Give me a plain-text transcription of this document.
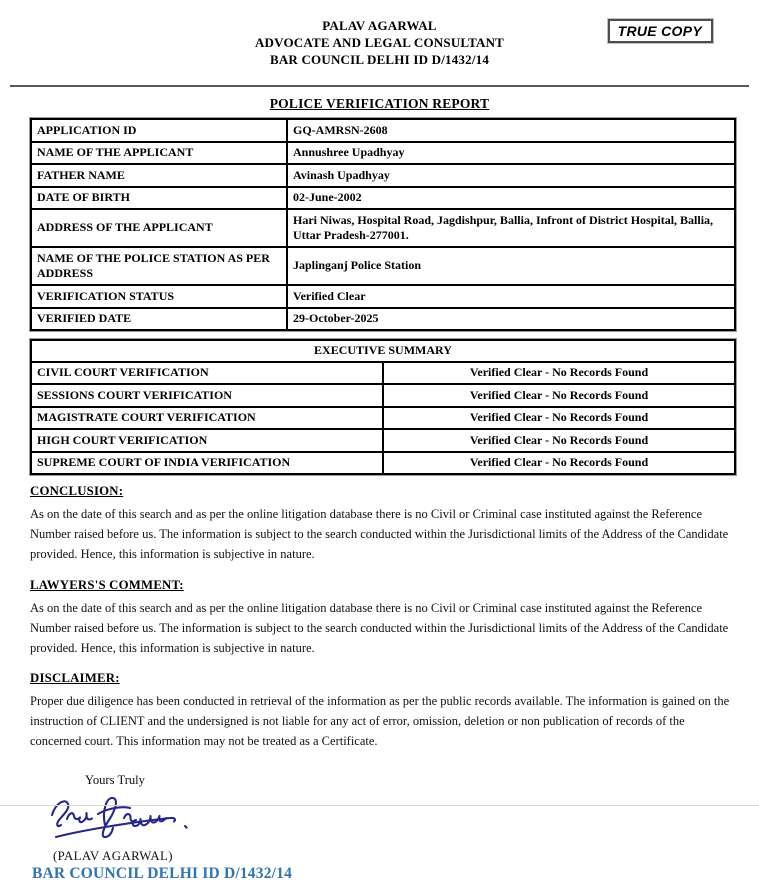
PALAV AGARWAL
ADVOCATE AND LEGAL CONSULTANT
BAR COUNCIL DELHI ID D/1432/14
TRUE COPY
POLICE VERIFICATION REPORT
APPLICATION ID	GQ-AMRSN-2608
NAME OF THE APPLICANT	Annushree Upadhyay
FATHER NAME	Avinash Upadhyay
DATE OF BIRTH	02-June-2002
ADDRESS OF THE APPLICANT	Hari Niwas, Hospital Road, Jagdishpur, Ballia, Infront of District Hospital, Ballia, Uttar Pradesh-277001.
NAME OF THE POLICE STATION AS PER ADDRESS	Japlinganj Police Station
VERIFICATION STATUS	Verified Clear
VERIFIED DATE	29-October-2025
EXECUTIVE SUMMARY	
CIVIL COURT VERIFICATION	Verified Clear - No Records Found
SESSIONS COURT VERIFICATION	Verified Clear - No Records Found
MAGISTRATE COURT VERIFICATION	Verified Clear - No Records Found
HIGH COURT VERIFICATION	Verified Clear - No Records Found
SUPREME COURT OF INDIA VERIFICATION	Verified Clear - No Records Found
CONCLUSION:
As on the date of this search and as per the online litigation database there is no Civil or Criminal case instituted against the Reference Number raised before us. The information is subject to the search conducted within the Jurisdictional limits of the Address of the Candidate provided. Hence, this information is subjective in nature.
LAWYERS'S COMMENT:
As on the date of this search and as per the online litigation database there is no Civil or Criminal case instituted against the Reference Number raised before us. The information is subject to the search conducted within the Jurisdictional limits of the Address of the Candidate provided. Hence, this information is subjective in nature.
DISCLAIMER:
Proper due diligence has been conducted in retrieval of the information as per the public records available. The information is gained on the instruction of CLIENT and the undersigned is not liable for any act of error, omission, deletion or non publication of records of the concerned court. This information may not be treated as a Certificate.
Yours Truly
(PALAV AGARWAL)
BAR COUNCIL DELHI ID D/1432/14
